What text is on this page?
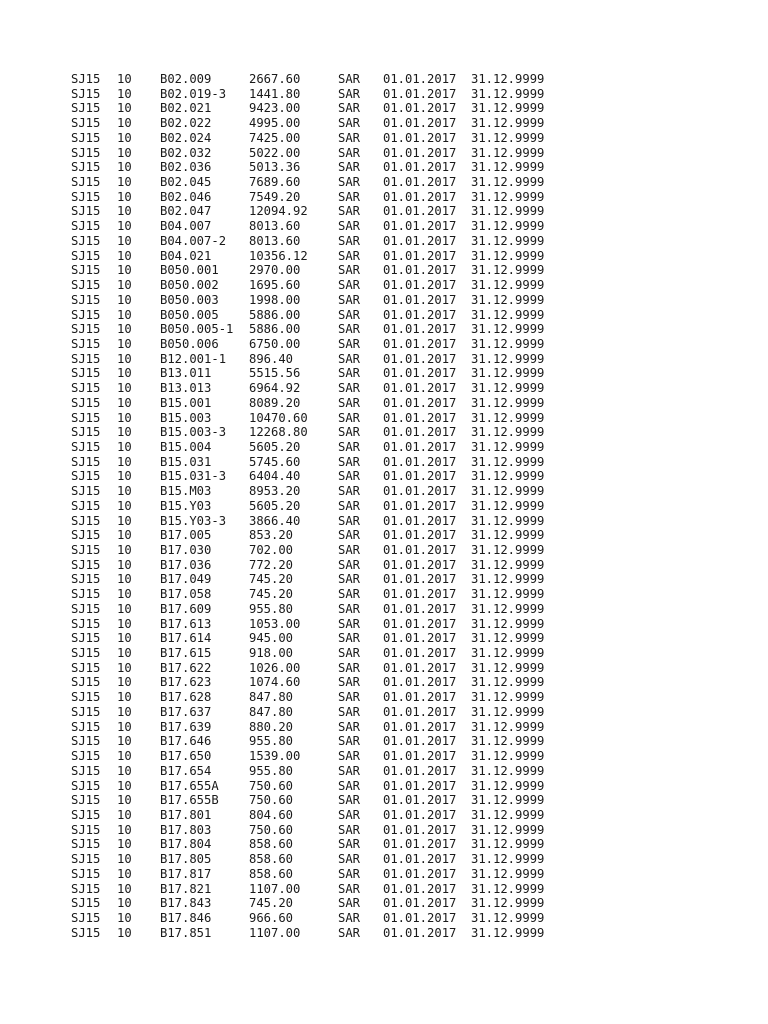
SJ15 10 B02.009	2667.60	SAR 01.01.2017 31.12.9999
SJ15 10 B02.019-3 1441.80	SAR 01.01.2017 31.12.9999
SJ15 10 B02.021	9423.00	SAR 01.01.2017 31.12.9999
SJ15 10 B02.022	4995.00	SAR 01.01.2017 31.12.9999
SJ15 10 B02.024	7425.00	SAR 01.01.2017 31.12.9999
SJ15 10 B02.032	5022.00	SAR 01.01.2017 31.12.9999
SJ15 10 B02.036	5013.36	SAR 01.01.2017 31.12.9999
SJ15 10 B02.045	7689.60	SAR 01.01.2017 31.12.9999
SJ15 10 B02.046	7549.20	SAR 01.01.2017 31.12.9999
SJ15 10 B02.047	12094.92 SAR 01.01.2017 31.12.9999
SJ15 10 B04.007	8013.60	SAR 01.01.2017 31.12.9999
SJ15 10 B04.007-2 8013.60	SAR 01.01.2017 31.12.9999
SJ15 10 B04.021	10356.12 SAR 01.01.2017 31.12.9999
SJ15 10 B050.001 2970.00	SAR 01.01.2017 31.12.9999
SJ15 10 B050.002 1695.60	SAR 01.01.2017 31.12.9999
SJ15 10 B050.003 1998.00	SAR 01.01.2017 31.12.9999
SJ15 10 B050.005 5886.00	SAR 01.01.2017 31.12.9999
SJ15 10 B050.005-1 5886.00	SAR 01.01.2017 31.12.9999
SJ15 10 B050.006 6750.00	SAR 01.01.2017 31.12.9999
SJ15 10 B12.001-1 896.40	SAR 01.01.2017 31.12.9999
SJ15 10 B13.011	5515.56	SAR 01.01.2017 31.12.9999
SJ15 10 B13.013	6964.92	SAR 01.01.2017 31.12.9999
SJ15 10 B15.001	8089.20	SAR 01.01.2017 31.12.9999
SJ15 10 B15.003	10470.60 SAR 01.01.2017 31.12.9999
SJ15 10 B15.003-3 12268.80 SAR 01.01.2017 31.12.9999
SJ15 10 B15.004	5605.20	SAR 01.01.2017 31.12.9999
SJ15 10 B15.031	5745.60	SAR 01.01.2017 31.12.9999
SJ15 10 B15.031-3 6404.40	SAR 01.01.2017 31.12.9999
SJ15 10 B15.M03	8953.20	SAR 01.01.2017 31.12.9999
SJ15 10 B15.Y03	5605.20	SAR 01.01.2017 31.12.9999
SJ15 10 B15.Y03-3 3866.40	SAR 01.01.2017 31.12.9999
SJ15 10 B17.005	853.20	SAR 01.01.2017 31.12.9999
SJ15 10 B17.030	702.00	SAR 01.01.2017 31.12.9999
SJ15 10 B17.036	772.20	SAR 01.01.2017 31.12.9999
SJ15 10 B17.049	745.20	SAR 01.01.2017 31.12.9999
SJ15 10 B17.058	745.20	SAR 01.01.2017 31.12.9999
SJ15 10 B17.609	955.80	SAR 01.01.2017 31.12.9999
SJ15 10 B17.613	1053.00	SAR 01.01.2017 31.12.9999
SJ15 10 B17.614	945.00	SAR 01.01.2017 31.12.9999
SJ15 10 B17.615	918.00	SAR 01.01.2017 31.12.9999
SJ15 10 B17.622	1026.00	SAR 01.01.2017 31.12.9999
SJ15 10 B17.623	1074.60	SAR 01.01.2017 31.12.9999
SJ15 10 B17.628	847.80	SAR 01.01.2017 31.12.9999
SJ15 10 B17.637	847.80	SAR 01.01.2017 31.12.9999
SJ15 10 B17.639	880.20	SAR 01.01.2017 31.12.9999
SJ15 10 B17.646	955.80	SAR 01.01.2017 31.12.9999
SJ15 10 B17.650	1539.00	SAR 01.01.2017 31.12.9999
SJ15 10 B17.654	955.80	SAR 01.01.2017 31.12.9999
SJ15 10 B17.655A 750.60	SAR 01.01.2017 31.12.9999
SJ15 10 B17.655B 750.60	SAR 01.01.2017 31.12.9999
SJ15 10 B17.801	804.60	SAR 01.01.2017 31.12.9999
SJ15 10 B17.803	750.60	SAR 01.01.2017 31.12.9999
SJ15 10 B17.804	858.60	SAR 01.01.2017 31.12.9999
SJ15 10 B17.805	858.60	SAR 01.01.2017 31.12.9999
SJ15 10 B17.817	858.60	SAR 01.01.2017 31.12.9999
SJ15 10 B17.821	1107.00	SAR 01.01.2017 31.12.9999
SJ15 10 B17.843	745.20	SAR 01.01.2017 31.12.9999
SJ15 10 B17.846	966.60	SAR 01.01.2017 31.12.9999
SJ15 10 B17.851	1107.00	SAR 01.01.2017 31.12.9999
